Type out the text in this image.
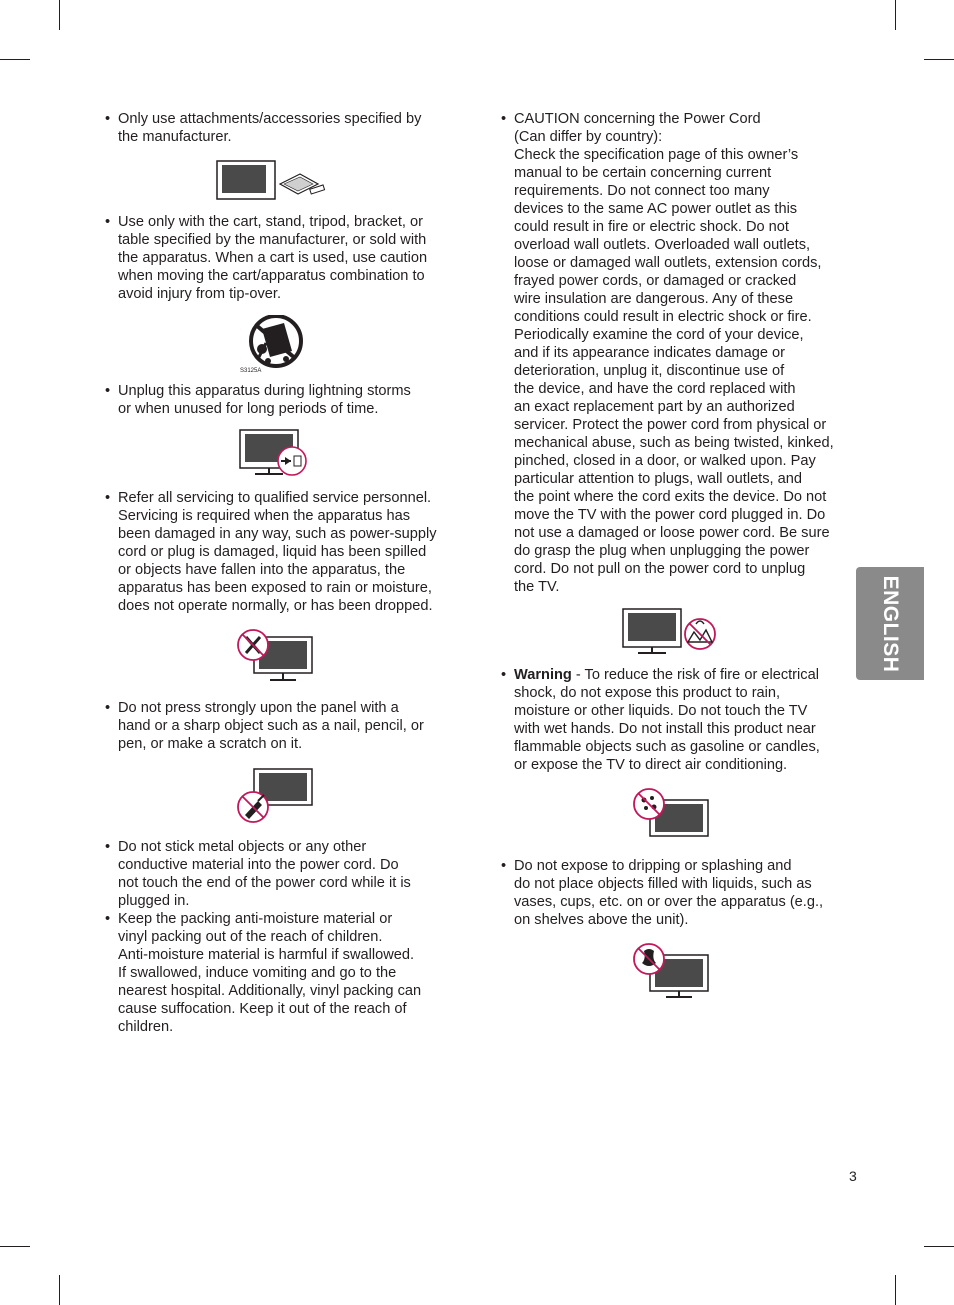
• Only use attachments/accessories specified by
the manufacturer.

• Use only with the cart, stand, tripod, bracket, or
table specified by the manufacturer, or sold with
the apparatus. When a cart is used, use caution
when moving the cart/apparatus combination to
avoid injury from tip-over.

S3125A
• Unplug this apparatus during lightning storms
or when unused for long periods of time.

• Refer all servicing to qualified service personnel.
Servicing is required when the apparatus has
been damaged in any way, such as power-supply
cord or plug is damaged, liquid has been spilled
or objects have fallen into the apparatus, the
apparatus has been exposed to rain or moisture,
does not operate normally, or has been dropped.

• Do not press strongly upon the panel with a
hand or a sharp object such as a nail, pencil, or
pen, or make a scratch on it.

• Do not stick metal objects or any other
conductive material into the power cord. Do
not touch the end of the power cord while it is
plugged in.

• Keep the packing anti-moisture material or
vinyl packing out of the reach of children.
Anti-moisture material is harmful if swallowed.
If swallowed, induce vomiting and go to the
nearest hospital. Additionally, vinyl packing can
cause suffocation. Keep it out of the reach of
children.

• CAUTION concerning the Power Cord
(Can differ by country):
Check the specification page of this owner’s
manual to be certain concerning current
requirements. Do not connect too many
devices to the same AC power outlet as this
could result in fire or electric shock. Do not
overload wall outlets. Overloaded wall outlets,
loose or damaged wall outlets, extension cords,
frayed power cords, or damaged or cracked
wire insulation are dangerous. Any of these
conditions could result in electric shock or fire.
Periodically examine the cord of your device,
and if its appearance indicates damage or
deterioration, unplug it, discontinue use of
the device, and have the cord replaced with
an exact replacement part by an authorized
servicer. Protect the power cord from physical or
mechanical abuse, such as being twisted, kinked,
pinched, closed in a door, or walked upon. Pay
particular attention to plugs, wall outlets, and
the point where the cord exits the device. Do not
move the TV with the power cord plugged in. Do
not use a damaged or loose power cord. Be sure
do grasp the plug when unplugging the power
cord. Do not pull on the power cord to unplug
the TV.

• Warning - To reduce the risk of fire or electrical
shock, do not expose this product to rain,
moisture or other liquids. Do not touch the TV
with wet hands. Do not install this product near
flammable objects such as gasoline or candles,
or expose the TV to direct air conditioning.

• Do not expose to dripping or splashing and
do not place objects filled with liquids, such as
vases, cups, etc. on or over the apparatus (e.g.,
on shelves above the unit).

ENGLISH
3
